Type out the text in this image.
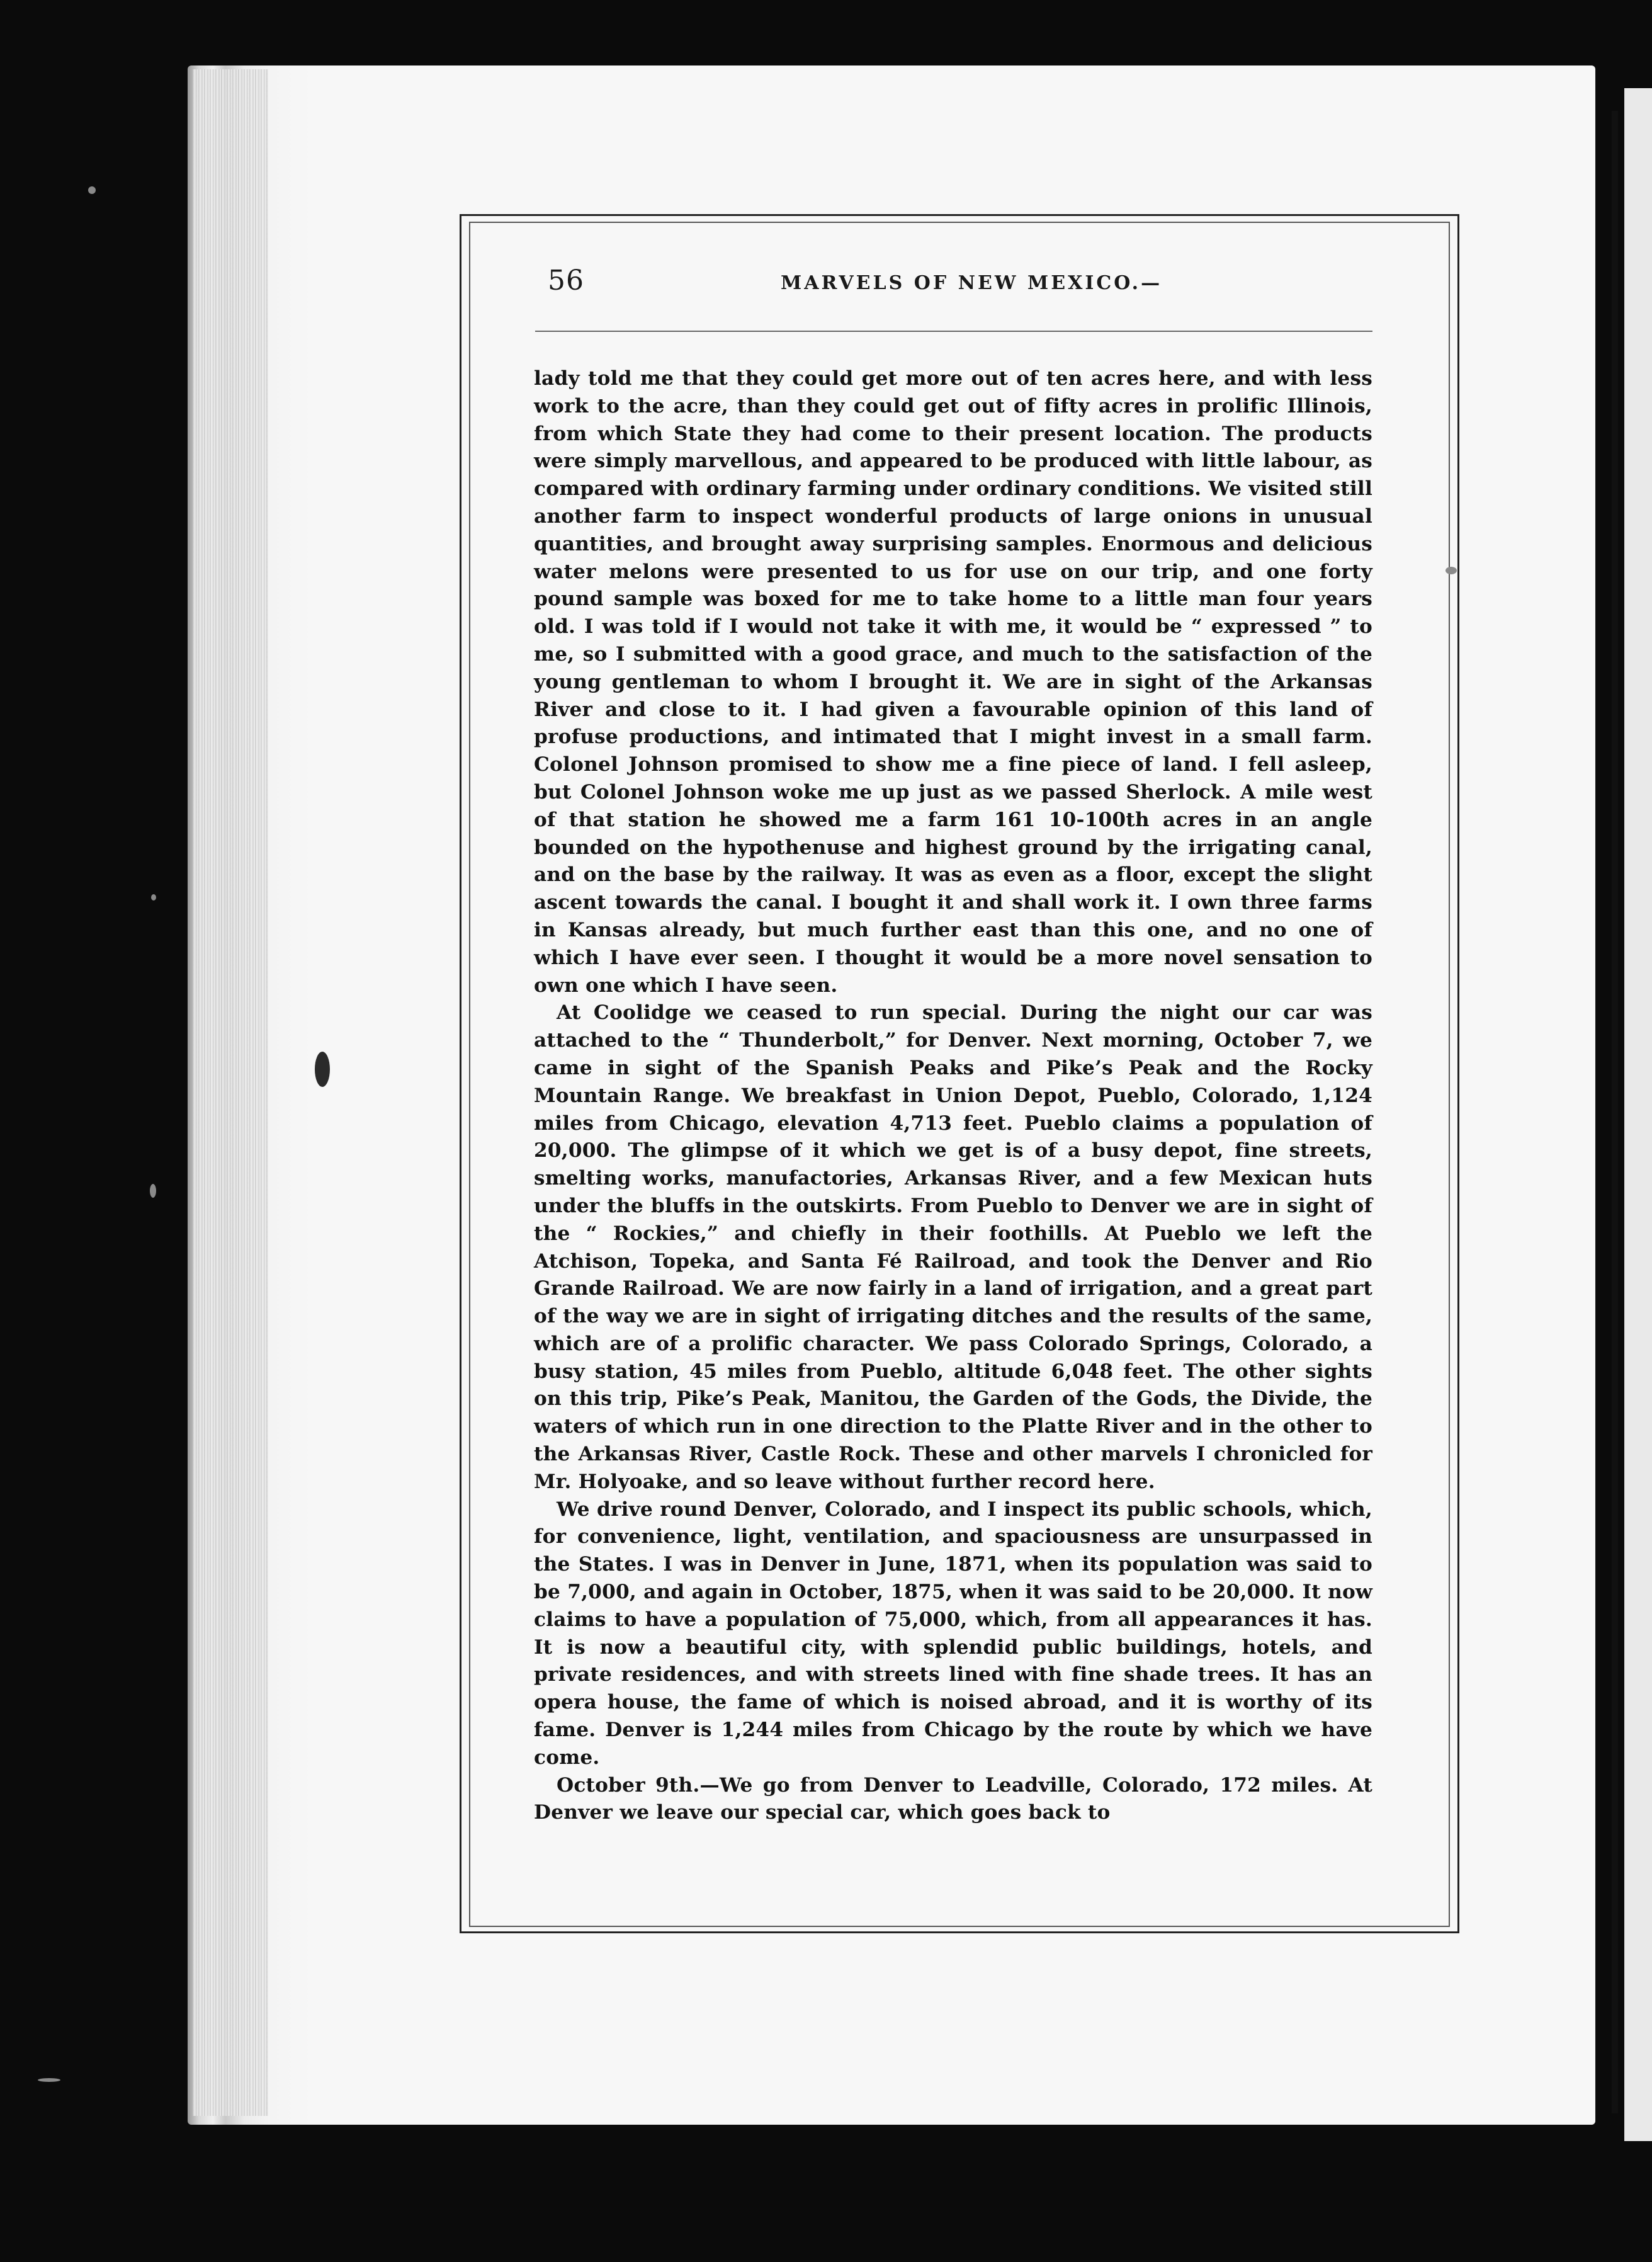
56	MARVELS OF NEW MEXICO.—

lady told me that they could get more out of ten acres here, and with less work to the acre, than they could get out of fifty acres in prolific Illinois, from which State they had come to their present location. The products were simply marvellous, and appeared to be produced with little labour, as compared with ordinary farming under ordinary conditions. We visited still another farm to inspect wonderful products of large onions in unusual quantities, and brought away surprising samples. Enormous and delicious water melons were presented to us for use on our trip, and one forty pound sample was boxed for me to take home to a little man four years old. I was told if I would not take it with me, it would be “ expressed ” to me, so I submitted with a good grace, and much to the satisfaction of the young gentleman to whom I brought it. We are in sight of the Arkansas River and close to it. I had given a favourable opinion of this land of profuse productions, and intimated that I might invest in a small farm. Colonel Johnson promised to show me a fine piece of land. I fell asleep, but Colonel Johnson woke me up just as we passed Sherlock. A mile west of that station he showed me a farm 161 10-100th acres in an angle bounded on the hypothenuse and highest ground by the irrigating canal, and on the base by the railway. It was as even as a floor, except the slight ascent towards the canal. I bought it and shall work it. I own three farms in Kansas already, but much further east than this one, and no one of which I have ever seen. I thought it would be a more novel sensation to own one which I have seen.

At Coolidge we ceased to run special. During the night our car was attached to the “ Thunderbolt,” for Denver. Next morning, October 7, we came in sight of the Spanish Peaks and Pike’s Peak and the Rocky Mountain Range. We breakfast in Union Depot, Pueblo, Colorado, 1,124 miles from Chicago, elevation 4,713 feet. Pueblo claims a population of 20,000. The glimpse of it which we get is of a busy depot, fine streets, smelting works, manufactories, Arkansas River, and a few Mexican huts under the bluffs in the outskirts. From Pueblo to Denver we are in sight of the “ Rockies,” and chiefly in their foothills. At Pueblo we left the Atchison, Topeka, and Santa Fé Railroad, and took the Denver and Rio Grande Railroad. We are now fairly in a land of irrigation, and a great part of the way we are in sight of irrigating ditches and the results of the same, which are of a prolific character. We pass Colorado Springs, Colorado, a busy station, 45 miles from Pueblo, altitude 6,048 feet. The other sights on this trip, Pike’s Peak, Manitou, the Garden of the Gods, the Divide, the waters of which run in one direction to the Platte River and in the other to the Arkansas River, Castle Rock. These and other marvels I chronicled for Mr. Holyoake, and so leave without further record here.

We drive round Denver, Colorado, and I inspect its public schools, which, for convenience, light, ventilation, and spaciousness are unsurpassed in the States. I was in Denver in June, 1871, when its population was said to be 7,000, and again in October, 1875, when it was said to be 20,000. It now claims to have a population of 75,000, which, from all appearances it has. It is now a beautiful city, with splendid public buildings, hotels, and private residences, and with streets lined with fine shade trees. It has an opera house, the fame of which is noised abroad, and it is worthy of its fame. Denver is 1,244 miles from Chicago by the route by which we have come.

October 9th.—We go from Denver to Leadville, Colorado, 172 miles. At Denver we leave our special car, which goes back to
